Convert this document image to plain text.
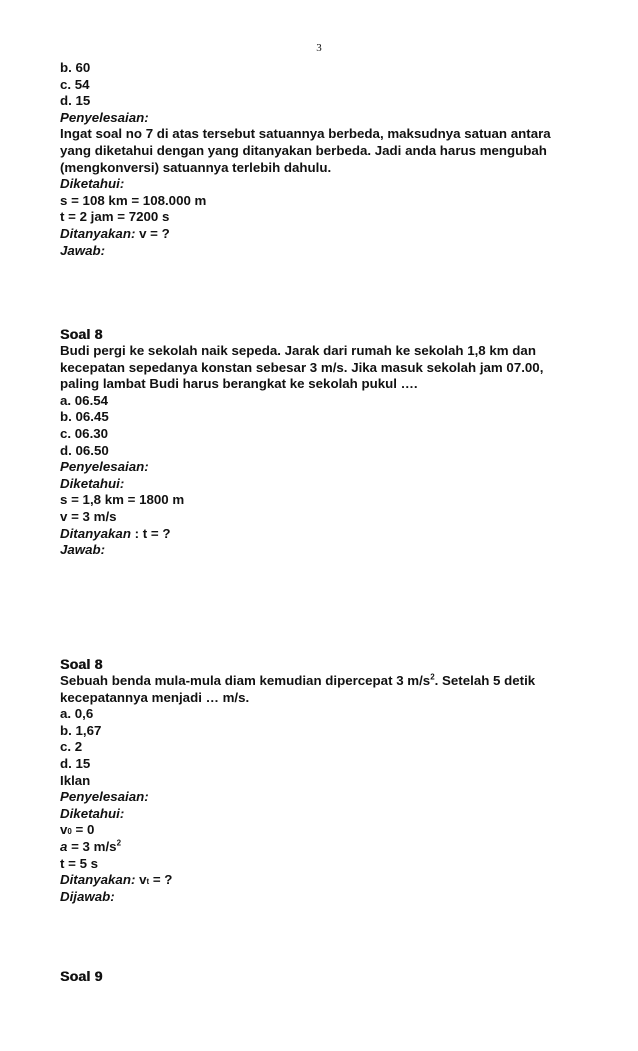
3
b. 60
c. 54
d. 15
Penyelesaian:
Ingat soal no 7 di atas tersebut satuannya berbeda, maksudnya satuan antara yang diketahui dengan yang ditanyakan berbeda. Jadi anda harus mengubah (mengkonversi) satuannya terlebih dahulu.
Diketahui:
s = 108 km = 108.000 m
t = 2 jam = 7200 s
Ditanyakan: v = ?
Jawab:
Soal 8
Budi pergi ke sekolah naik sepeda. Jarak dari rumah ke sekolah 1,8 km dan kecepatan sepedanya konstan sebesar 3 m/s. Jika masuk sekolah jam 07.00, paling lambat Budi harus berangkat ke sekolah pukul ….
a. 06.54
b. 06.45
c. 06.30
d. 06.50
Penyelesaian:
Diketahui:
s = 1,8 km = 1800 m
v = 3 m/s
Ditanyakan : t = ?
Jawab:
Soal 8
Sebuah benda mula-mula diam kemudian dipercepat 3 $m/s^2$. Setelah 5 detik kecepatannya menjadi … m/s.
a. 0,6
b. 1,67
c. 2
d. 15
Iklan
Penyelesaian:
Diketahui:
v0 = 0
a = 3 $m/s^2$
t = 5 s
Ditanyakan: vt = ?
Dijawab:
Soal 9
